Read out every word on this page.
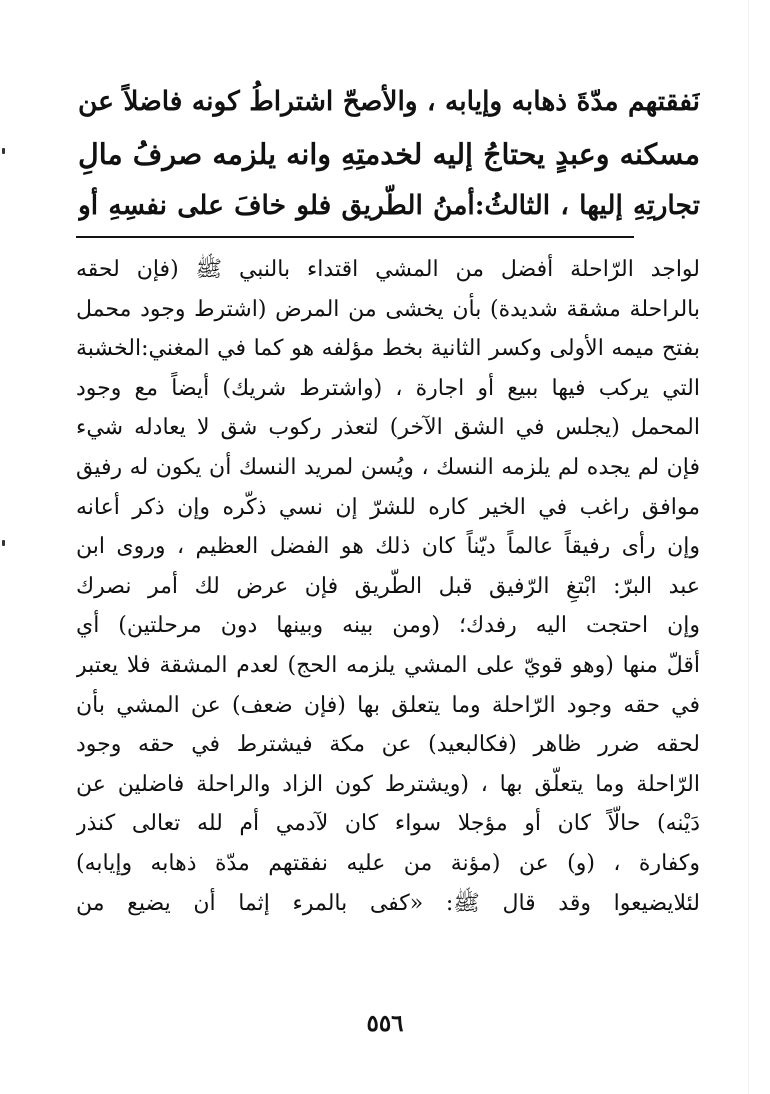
نَفقتهم مدّةَ ذهابه وإيابه ، والأصحّ اشتراطُ كونه فاضلاً عن
مسكنه وعبدٍ يحتاجُ إليه لخدمتِهِ وانه يلزمه صرفُ مالِ
تجارتِهِ إليها ، الثالثُ:أمنُ الطّريق فلو خافَ على نفسِهِ أو
لواجد الرّاحلة أفضل من المشي اقتداء بالنبي ﷺ (فإن لحقه
بالراحلة مشقة شديدة) بأن يخشى من المرض (اشترط وجود محمل
بفتح ميمه الأولى وكسر الثانية بخط مؤلفه هو كما في المغني:الخشبة
التي يركب فيها ببيع أو اجارة ، (واشترط شريك) أيضاً مع وجود
المحمل (يجلس في الشق الآخر) لتعذر ركوب شق لا يعادله شيء
فإن لم يجده لم يلزمه النسك ، ويُسن لمريد النسك أن يكون له رفيق
موافق راغب في الخير كاره للشرّ إن نسي ذكّره وإن ذكر أعانه
وإن رأى رفيقاً عالماً ديّناً كان ذلك هو الفضل العظيم ، وروى ابن
عبد البرّ: ابْتغِ الرّفيق قبل الطّريق فإن عرض لك أمر نصرك
وإن احتجت اليه رفدك؛ (ومن بينه وبينها دون مرحلتين) أي
أقلّ منها (وهو قويّ على المشي يلزمه الحج) لعدم المشقة فلا يعتبر
في حقه وجود الرّاحلة وما يتعلق بها (فإن ضعف) عن المشي بأن
لحقه ضرر ظاهر (فكالبعيد) عن مكة فيشترط في حقه وجود
الرّاحلة وما يتعلّق بها ، (ويشترط كون الزاد والراحلة فاضلين عن
دَيْنه) حالّاً كان أو مؤجلا سواء كان لآدمي أم لله تعالى كنذر
وكفارة ، (و) عن (مؤنة من عليه نفقتهم مدّة ذهابه وإيابه)
لئلايضيعوا وقد قال ﷺ: «كفى بالمرء إثما أن يضيع من
٥٥٦
